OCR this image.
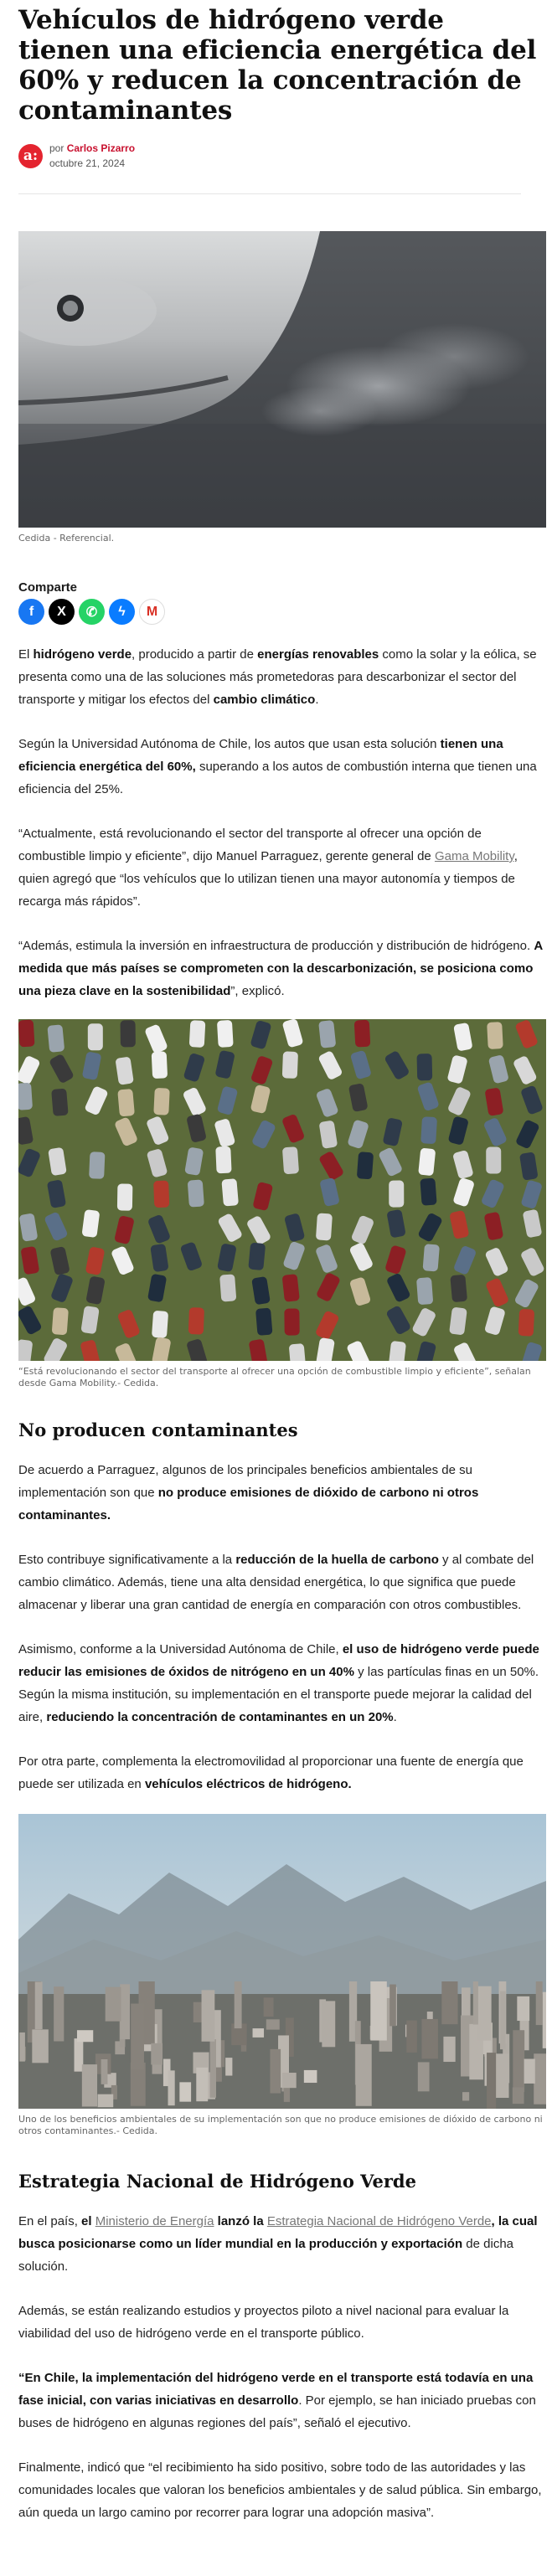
Vehículos de hidrógeno verde tienen una eficiencia energética del 60% y reducen la concentración de contaminantes
a:	por Carlos Pizarro
octubre 21, 2024
Cedida - Referencial.
Comparte
f X ✆ ϟ M

El hidrógeno verde, producido a partir de energías renovables como la solar y la eólica, se presenta como una de las soluciones más prometedoras para descarbonizar el sector del transporte y mitigar los efectos del cambio climático.

Según la Universidad Autónoma de Chile, los autos que usan esta solución tienen una eficiencia energética del 60%, superando a los autos de combustión interna que tienen una eficiencia del 25%.

“Actualmente, está revolucionando el sector del transporte al ofrecer una opción de combustible limpio y eficiente”, dijo Manuel Parraguez, gerente general de Gama Mobility, quien agregó que “los vehículos que lo utilizan tienen una mayor autonomía y tiempos de recarga más rápidos”.

“Además, estimula la inversión en infraestructura de producción y distribución de hidrógeno. A medida que más países se comprometen con la descarbonización, se posiciona como una pieza clave en la sostenibilidad”, explicó.

“Está revolucionando el sector del transporte al ofrecer una opción de combustible limpio y eficiente”, señalan desde Gama Mobility.- Cedida.
No producen contaminantes

De acuerdo a Parraguez, algunos de los principales beneficios ambientales de su implementación son que no produce emisiones de dióxido de carbono ni otros contaminantes.

Esto contribuye significativamente a la reducción de la huella de carbono y al combate del cambio climático. Además, tiene una alta densidad energética, lo que significa que puede almacenar y liberar una gran cantidad de energía en comparación con otros combustibles.

Asimismo, conforme a la Universidad Autónoma de Chile, el uso de hidrógeno verde puede reducir las emisiones de óxidos de nitrógeno en un 40% y las partículas finas en un 50%. Según la misma institución, su implementación en el transporte puede mejorar la calidad del aire, reduciendo la concentración de contaminantes en un 20%.

Por otra parte, complementa la electromovilidad al proporcionar una fuente de energía que puede ser utilizada en vehículos eléctricos de hidrógeno.

Uno de los beneficios ambientales de su implementación son que no produce emisiones de dióxido de carbono ni otros contaminantes.- Cedida.
Estrategia Nacional de Hidrógeno Verde

En el país, el Ministerio de Energía lanzó la Estrategia Nacional de Hidrógeno Verde, la cual busca posicionarse como un líder mundial en la producción y exportación de dicha solución.

Además, se están realizando estudios y proyectos piloto a nivel nacional para evaluar la viabilidad del uso de hidrógeno verde en el transporte público.

“En Chile, la implementación del hidrógeno verde en el transporte está todavía en una fase inicial, con varias iniciativas en desarrollo. Por ejemplo, se han iniciado pruebas con buses de hidrógeno en algunas regiones del país”, señaló el ejecutivo.

Finalmente, indicó que “el recibimiento ha sido positivo, sobre todo de las autoridades y las comunidades locales que valoran los beneficios ambientales y de salud pública. Sin embargo, aún queda un largo camino por recorrer para lograr una adopción masiva”.
